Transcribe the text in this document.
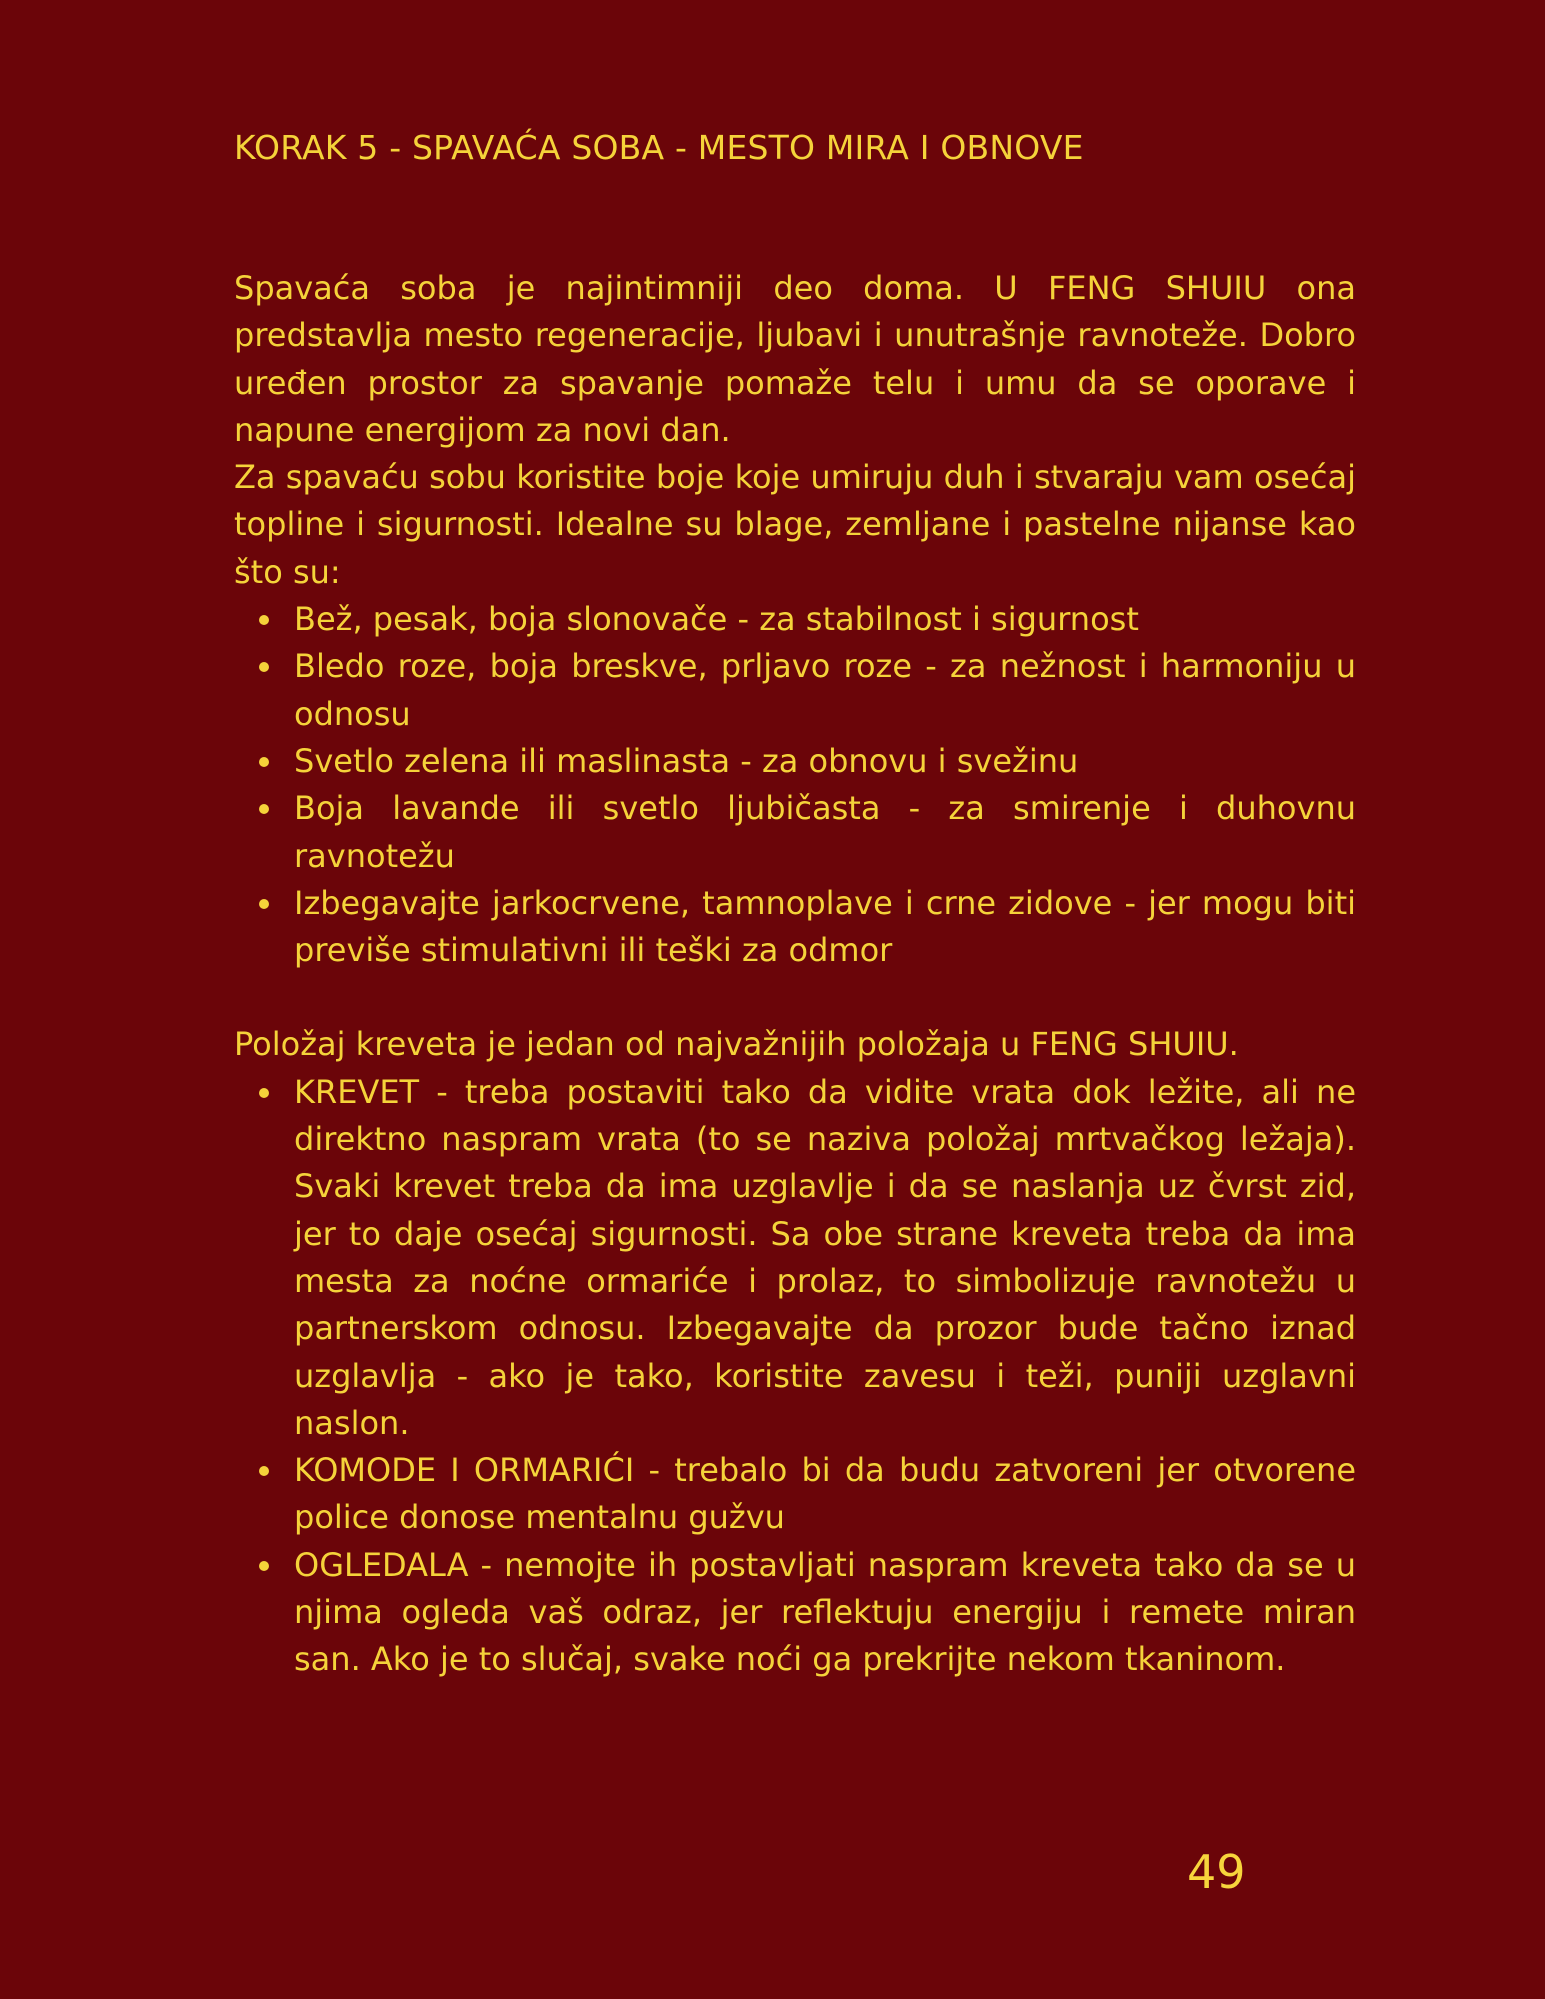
KORAK 5 - SPAVAĆA SOBA - MESTO MIRA I OBNOVE

Spavaća soba je najintimniji deo doma. U FENG SHUIU ona predstavlja mesto regeneracije, ljubavi i unutrašnje ravnoteže. Dobro uređen prostor za spavanje pomaže telu i umu da se oporave i napune energijom za novi dan.

Za spavaću sobu koristite boje koje umiruju duh i stvaraju vam osećaj topline i sigurnosti. Idealne su blage, zemljane i pastelne nijanse kao što su:

Bež, pesak, boja slonovače - za stabilnost i sigurnost
Bledo roze, boja breskve, prljavo roze - za nežnost i harmoniju u odnosu
Svetlo zelena ili maslinasta - za obnovu i svežinu
Boja lavande ili svetlo ljubičasta - za smirenje i duhovnu ravnotežu
Izbegavajte jarkocrvene, tamnoplave i crne zidove - jer mogu biti previše stimulativni ili teški za odmor

Položaj kreveta je jedan od najvažnijih položaja u FENG SHUIU.

KREVET - treba postaviti tako da vidite vrata dok ležite, ali ne direktno naspram vrata (to se naziva položaj mrtvačkog ležaja). Svaki krevet treba da ima uzglavlje i da se naslanja uz čvrst zid, jer to daje osećaj sigurnosti. Sa obe strane kreveta treba da ima mesta za noćne ormariće i prolaz, to simbolizuje ravnotežu u partnerskom odnosu. Izbegavajte da prozor bude tačno iznad uzglavlja - ako je tako, koristite zavesu i teži, puniji uzglavni naslon.
KOMODE I ORMARIĆI - trebalo bi da budu zatvoreni jer otvorene police donose mentalnu gužvu
OGLEDALA - nemojte ih postavljati naspram kreveta tako da se u njima ogleda vaš odraz, jer reflektuju energiju i remete miran san. Ako je to slučaj, svake noći ga prekrijte nekom tkaninom.
49
